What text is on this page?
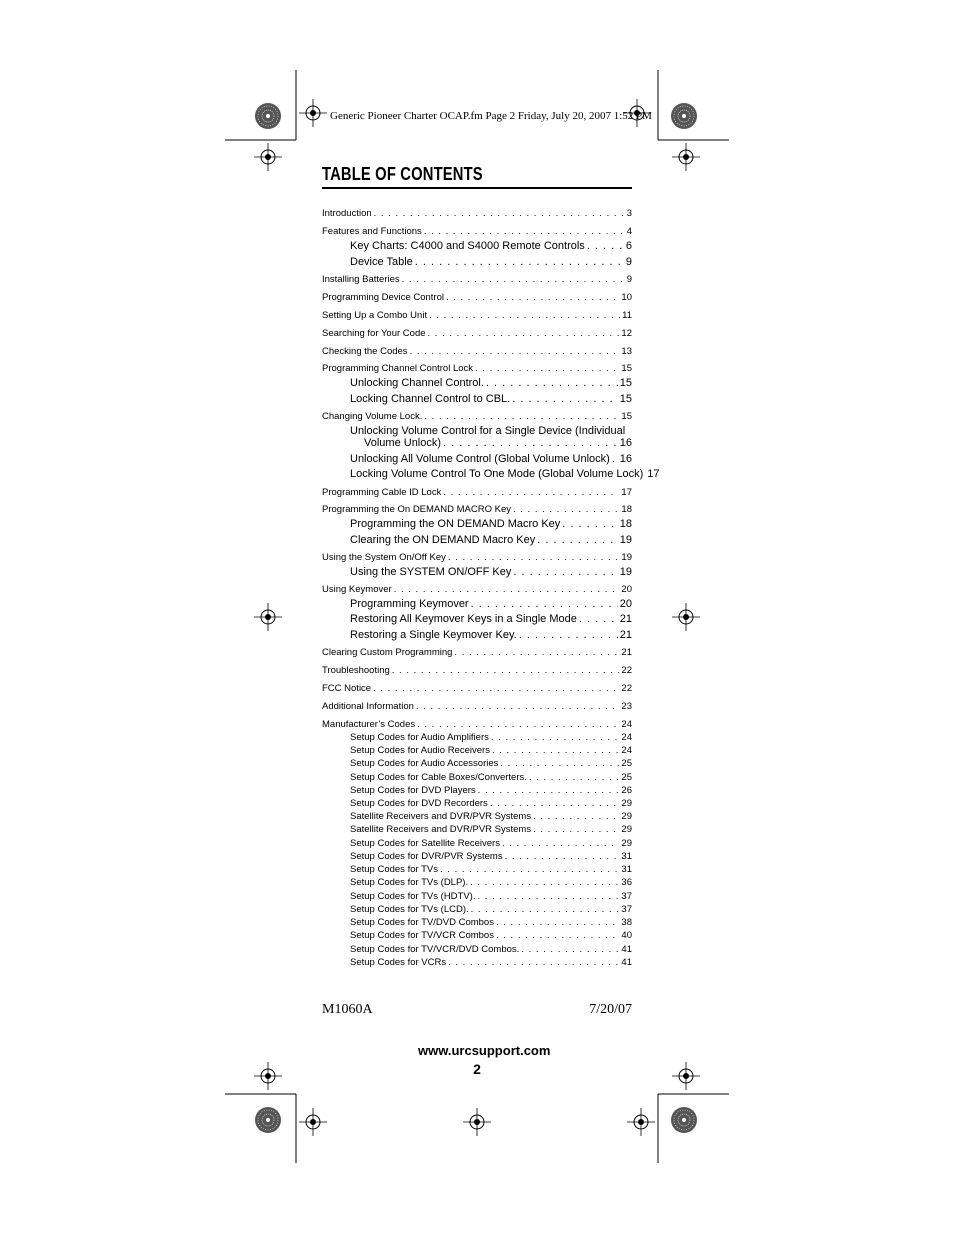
Generic Pioneer Charter OCAP.fm Page 2 Friday, July 20, 2007 1:52 PM
TABLE OF CONTENTS
Introduction . . .	3
Features and Functions . . .	4
Key Charts: C4000 and S4000 Remote Controls . . .	6
Device Table . . .	9
Installing Batteries . . .	9
Programming Device Control . . .	10
Setting Up a Combo Unit . . .	11
Searching for Your Code . . .	12
Checking the Codes . . .	13
Programming Channel Control Lock . . .	15
Unlocking Channel Control. . . .	15
Locking Channel Control to CBL. . . .	15
Changing Volume Lock. . . .	15
Unlocking Volume Control for a Single Device (Individual
Volume Unlock) . . .	16
Unlocking All Volume Control (Global Volume Unlock) . . . 16
Locking Volume Control To One Mode (Global Volume Lock) 17
Programming Cable ID Lock . . .	17
Programming the On DEMAND MACRO Key . . .	18
Programming the ON DEMAND Macro Key . . .	18
Clearing the ON DEMAND Macro Key . . .	19
Using the System On/Off Key . . .	19
Using the SYSTEM ON/OFF Key . . .	19
Using Keymover . . .	20
Programming Keymover . . .	20
Restoring All Keymover Keys in a Single Mode . . .	21
Restoring a Single Keymover Key. . . .	21
Clearing Custom Programming . . .	21
Troubleshooting . . .	22
FCC Notice . . .	22
Additional Information . . .	23
Manufacturer’s Codes . . .	24
Setup Codes for Audio Amplifiers . . .	24
Setup Codes for Audio Receivers . . .	24
Setup Codes for Audio Accessories . . .	25
Setup Codes for Cable Boxes/Converters. . . .	25
Setup Codes for DVD Players . . .	26
Setup Codes for DVD Recorders . . .	29
Satellite Receivers and DVR/PVR Systems . . .	29
Satellite Receivers and DVR/PVR Systems . . .	29
Setup Codes for Satellite Receivers . . .	29
Setup Codes for DVR/PVR Systems . . .	31
Setup Codes for TVs . . .	31
Setup Codes for TVs (DLP). . . .	36
Setup Codes for TVs (HDTV). . . .	37
Setup Codes for TVs (LCD). . . .	37
Setup Codes for TV/DVD Combos . . .	38
Setup Codes for TV/VCR Combos . . .	40
Setup Codes for TV/VCR/DVD Combos. . . .	41
Setup Codes for VCRs . . .	41
M1060A	7/20/07
www.urcsupport.com
2
